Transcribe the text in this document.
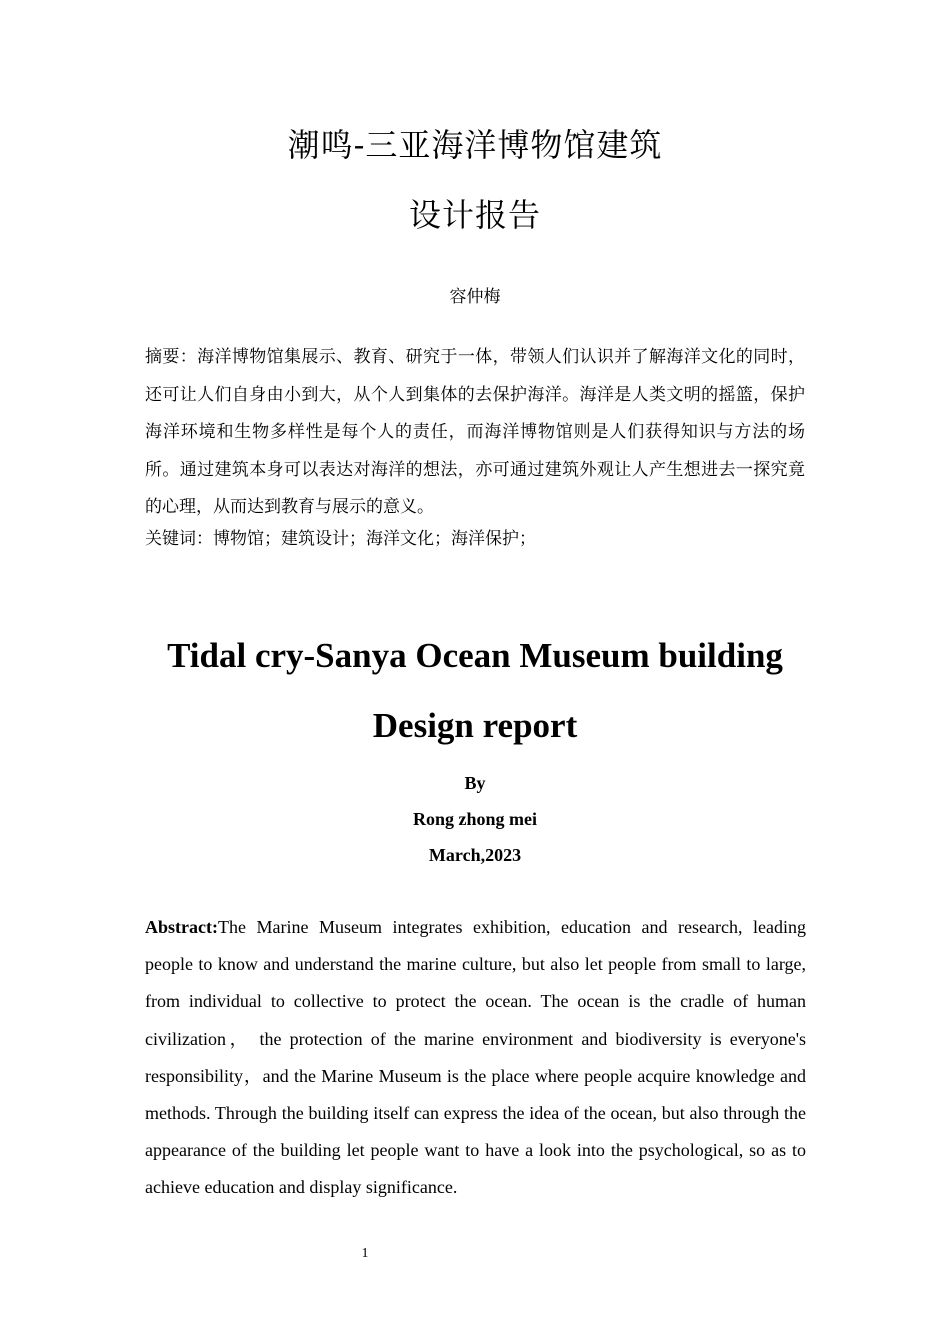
潮鸣-三亚海洋博物馆建筑
设计报告
容仲梅
摘要：海洋博物馆集展示、教育、研究于一体，带领人们认识并了解海洋文化的同时，还可让人们自身由小到大，从个人到集体的去保护海洋。海洋是人类文明的摇篮，保护海洋环境和生物多样性是每个人的责任，而海洋博物馆则是人们获得知识与方法的场所。通过建筑本身可以表达对海洋的想法，亦可通过建筑外观让人产生想进去一探究竟的心理，从而达到教育与展示的意义。
关键词：博物馆；建筑设计；海洋文化；海洋保护；
Tidal cry-Sanya Ocean Museum building
Design report
By
Rong zhong mei
March,2023
Abstract:The Marine Museum integrates exhibition, education and research, leading people to know and understand the marine culture, but also let people from small to large, from individual to collective to protect the ocean. The ocean is the cradle of human civilization， the protection of the marine environment and biodiversity is everyone's responsibility，and the Marine Museum is the place where people acquire knowledge and methods. Through the building itself can express the idea of the ocean, but also through the appearance of the building let people want to have a look into the psychological, so as to achieve education and display significance.
1
